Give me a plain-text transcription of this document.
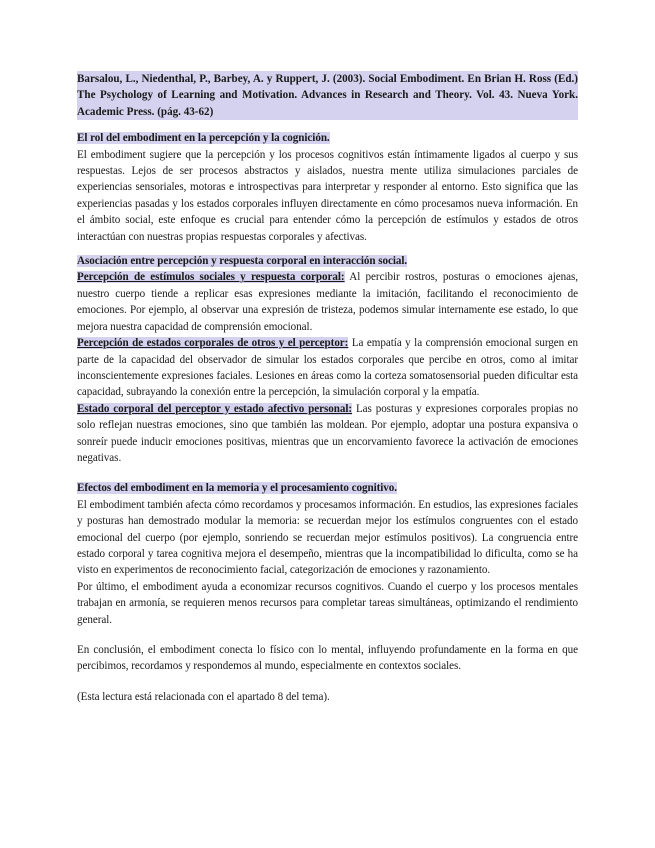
Barsalou, L., Niedenthal, P., Barbey, A. y Ruppert, J. (2003). Social Embodiment. En Brian H. Ross (Ed.) The Psychology of Learning and Motivation. Advances in Research and Theory. Vol. 43. Nueva York. Academic Press. (pág. 43-62)

El rol del embodiment en la percepción y la cognición.

El embodiment sugiere que la percepción y los procesos cognitivos están íntimamente ligados al cuerpo y sus respuestas. Lejos de ser procesos abstractos y aislados, nuestra mente utiliza simulaciones parciales de experiencias sensoriales, motoras e introspectivas para interpretar y responder al entorno. Esto significa que las experiencias pasadas y los estados corporales influyen directamente en cómo procesamos nueva información. En el ámbito social, este enfoque es crucial para entender cómo la percepción de estímulos y estados de otros interactúan con nuestras propias respuestas corporales y afectivas.

Asociación entre percepción y respuesta corporal en interacción social.

Percepción de estímulos sociales y respuesta corporal: Al percibir rostros, posturas o emociones ajenas, nuestro cuerpo tiende a replicar esas expresiones mediante la imitación, facilitando el reconocimiento de emociones. Por ejemplo, al observar una expresión de tristeza, podemos simular internamente ese estado, lo que mejora nuestra capacidad de comprensión emocional.

Percepción de estados corporales de otros y el perceptor: La empatía y la comprensión emocional surgen en parte de la capacidad del observador de simular los estados corporales que percibe en otros, como al imitar inconscientemente expresiones faciales. Lesiones en áreas como la corteza somatosensorial pueden dificultar esta capacidad, subrayando la conexión entre la percepción, la simulación corporal y la empatía.

Estado corporal del perceptor y estado afectivo personal: Las posturas y expresiones corporales propias no solo reflejan nuestras emociones, sino que también las moldean. Por ejemplo, adoptar una postura expansiva o sonreír puede inducir emociones positivas, mientras que un encorvamiento favorece la activación de emociones negativas.

Efectos del embodiment en la memoria y el procesamiento cognitivo.

El embodiment también afecta cómo recordamos y procesamos información. En estudios, las expresiones faciales y posturas han demostrado modular la memoria: se recuerdan mejor los estímulos congruentes con el estado emocional del cuerpo (por ejemplo, sonriendo se recuerdan mejor estímulos positivos). La congruencia entre estado corporal y tarea cognitiva mejora el desempeño, mientras que la incompatibilidad lo dificulta, como se ha visto en experimentos de reconocimiento facial, categorización de emociones y razonamiento.

Por último, el embodiment ayuda a economizar recursos cognitivos. Cuando el cuerpo y los procesos mentales trabajan en armonía, se requieren menos recursos para completar tareas simultáneas, optimizando el rendimiento general.

En conclusión, el embodiment conecta lo físico con lo mental, influyendo profundamente en la forma en que percibimos, recordamos y respondemos al mundo, especialmente en contextos sociales.

(Esta lectura está relacionada con el apartado 8 del tema).
